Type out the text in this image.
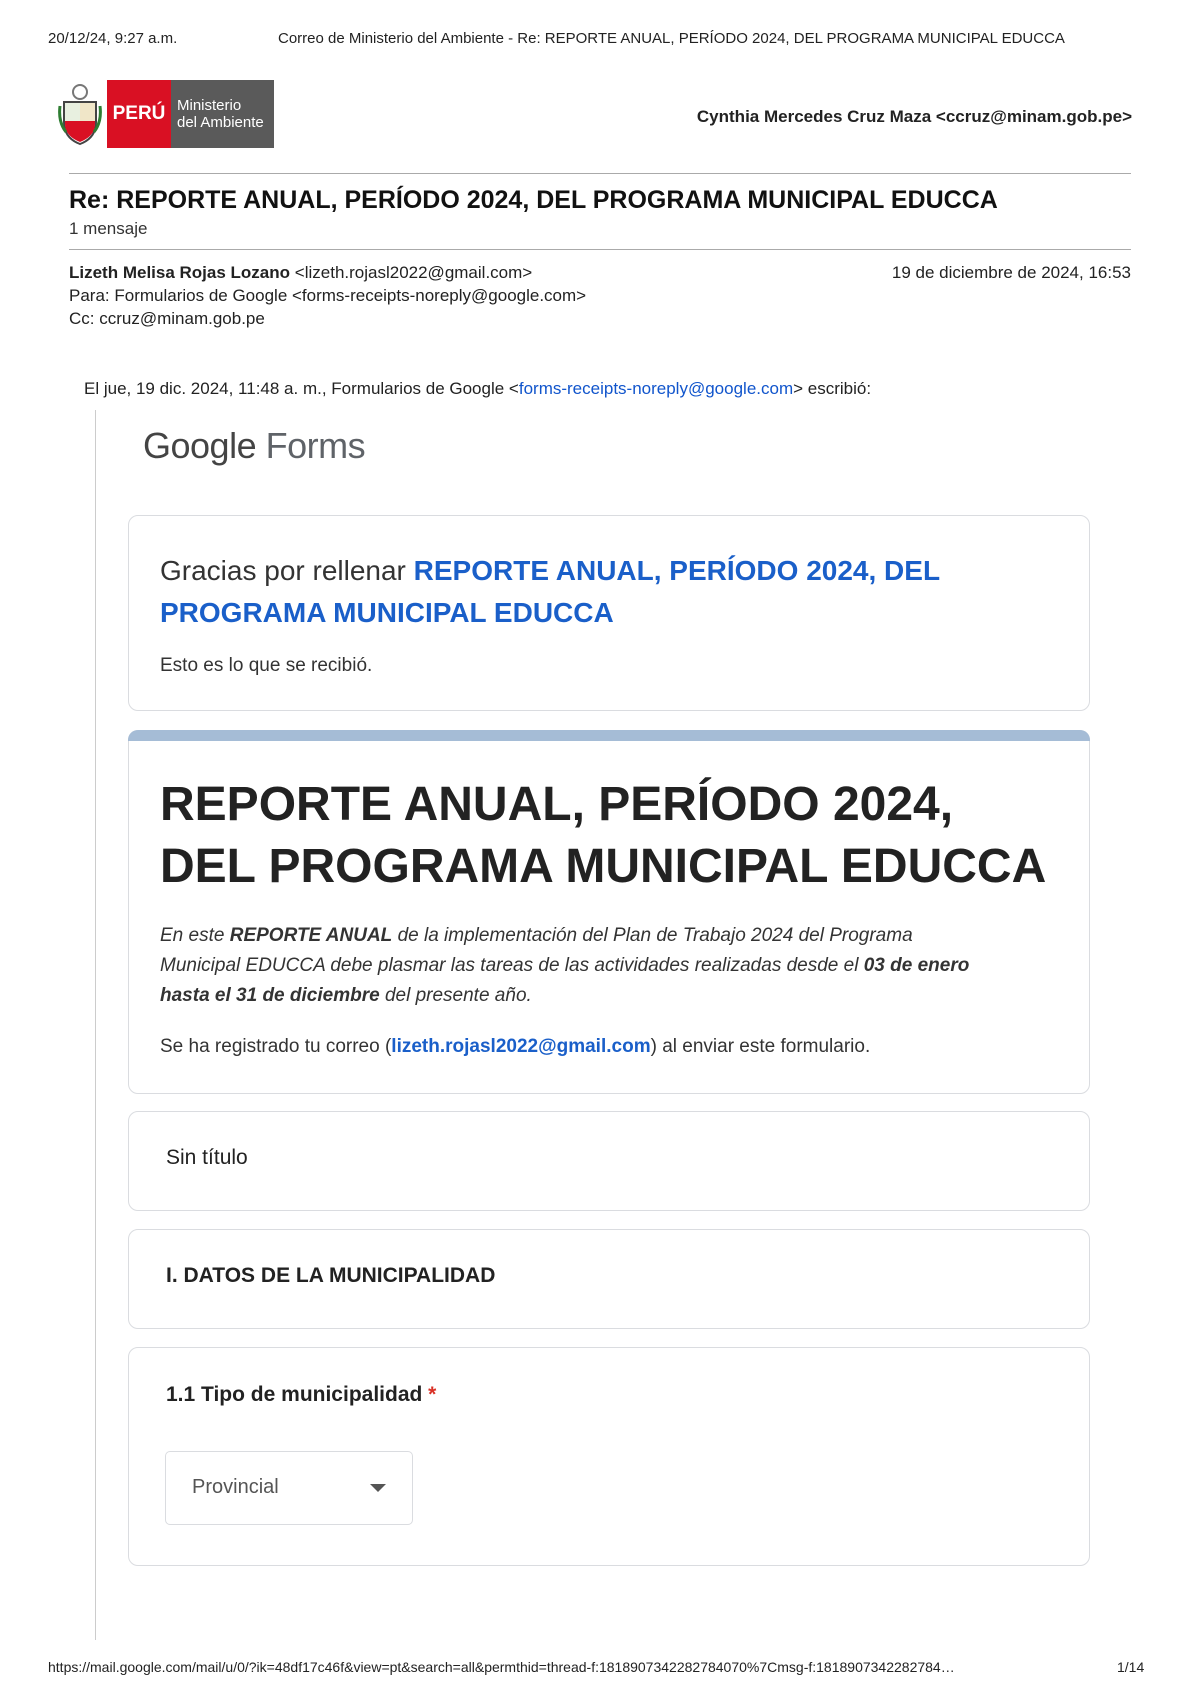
20/12/24, 9:27 a.m.	Correo de Ministerio del Ambiente - Re: REPORTE ANUAL, PERÍODO 2024, DEL PROGRAMA MUNICIPAL EDUCCA
PERÚ Ministerio
del Ambiente	Cynthia Mercedes Cruz Maza <ccruz@minam.gob.pe>
Re: REPORTE ANUAL, PERÍODO 2024, DEL PROGRAMA MUNICIPAL EDUCCA
1 mensaje
Lizeth Melisa Rojas Lozano <lizeth.rojasl2022@gmail.com>	19 de diciembre de 2024, 16:53
Para: Formularios de Google <forms-receipts-noreply@google.com>
Cc: ccruz@minam.gob.pe
El jue, 19 dic. 2024, 11:48 a. m., Formularios de Google <forms-receipts-noreply@google.com> escribió:
Google Forms
Gracias por rellenar REPORTE ANUAL, PERÍODO 2024, DEL
PROGRAMA MUNICIPAL EDUCCA
Esto es lo que se recibió.
REPORTE ANUAL, PERÍODO 2024,
DEL PROGRAMA MUNICIPAL EDUCCA
En este REPORTE ANUAL de la implementación del Plan de Trabajo 2024 del Programa
Municipal EDUCCA debe plasmar las tareas de las actividades realizadas desde el 03 de enero
hasta el 31 de diciembre del presente año.
Se ha registrado tu correo (lizeth.rojasl2022@gmail.com) al enviar este formulario.
Sin título
I. DATOS DE LA MUNICIPALIDAD
1.1 Tipo de municipalidad *
Provincial
https://mail.google.com/mail/u/0/?ik=48df17c46f&view=pt&search=all&permthid=thread-f:1818907342282784070%7Cmsg-f:1818907342282784…	1/14
